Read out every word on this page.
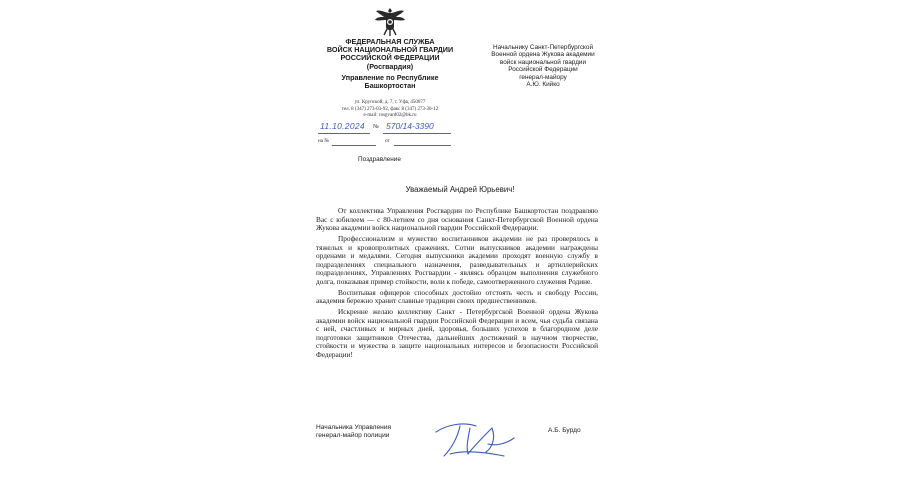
ФЕДЕРАЛЬНАЯ СЛУЖБА
ВОЙСК НАЦИОНАЛЬНОЙ ГВАРДИИ
РОССИЙСКОЙ ФЕДЕРАЦИИ
(Росгвардия)
Управление по Республике
Башкортостан
ул. Крупской, д. 7, г. Уфа, 450077
тел. 8 (347) 273-03-92, факс 8 (347) 273-36-12
e-mail: rosgvard02@bk.ru
Начальнику Санкт-Петербургской
Военной ордена Жукова академии
войск национальной гвардии
Российской Федерации
генерал-майору
А.Ю. Кийко
11.10.2024 № 570/14-3390
на №	от
Поздравление
Уважаемый Андрей Юрьевич!

От коллектива Управления Росгвардии по Республике Башкортостан поздравляю Вас с юбилеем — с 80-летием со дня основания Санкт-Петербургской Военной ордена Жукова академии войск национальной гвардии Российской Федерации.

Профессионализм и мужество воспитанников академии не раз проверялось в тяжелых и кровопролитных сражениях. Сотни выпускников академии награждены орденами и медалями. Сегодня выпускники академии проходят военную службу в подразделениях специального назначения, разведывательных и артиллерийских подразделениях, Управлениях Росгвардии - являясь образцом выполнения служебного долга, показывая пример стойкости, воли к победе, самоотверженного служения Родине.

Воспитывая офицеров способных достойно отстоять честь и свободу России, академия бережно хранит славные традиции своих предшественников.

Искренне желаю коллективу Санкт - Петербургской Военной ордена Жукова академии войск национальной гвардии Российской Федерации и всем, чья судьба связана с ней, счастливых и мирных дней, здоровья, больших успехов в благородном деле подготовки защитников Отечества, дальнейших достижений в научном творчестве, стойкости и мужества в защите национальных интересов и безопасности Российской Федерации!

Начальника Управления
генерал-майор полиции
А.Б. Бурдо
